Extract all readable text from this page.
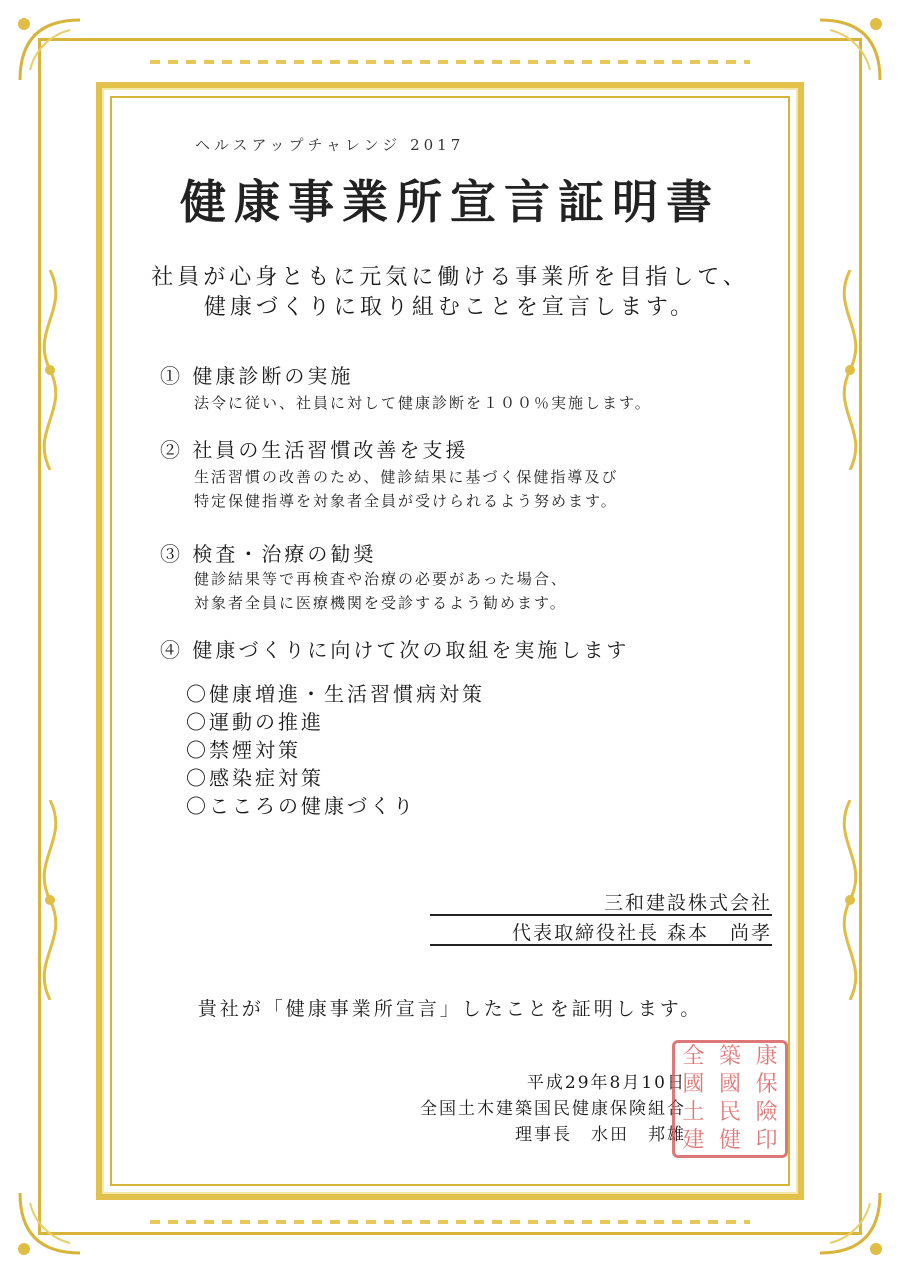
ヘルスアップチャレンジ 2017
健康事業所宣言証明書
社員が心身ともに元気に働ける事業所を目指して、
健康づくりに取り組むことを宣言します。
① 健康診断の実施
法令に従い、社員に対して健康診断を１００％実施します。
② 社員の生活習慣改善を支援
生活習慣の改善のため、健診結果に基づく保健指導及び
特定保健指導を対象者全員が受けられるよう努めます。
③ 検査・治療の勧奨
健診結果等で再検査や治療の必要があった場合、
対象者全員に医療機関を受診するよう勧めます。
④ 健康づくりに向けて次の取組を実施します
〇健康増進・生活習慣病対策
〇運動の推進
〇禁煙対策
〇感染症対策
〇こころの健康づくり
三和建設株式会社
代表取締役社長 森本　尚孝
貴社が「健康事業所宣言」したことを証明します。
平成29年8月10日
全国土木建築国民健康保険組合
理事長　水田　邦雄
全 築 康
國 國 保
土 民 險
建 健 印
